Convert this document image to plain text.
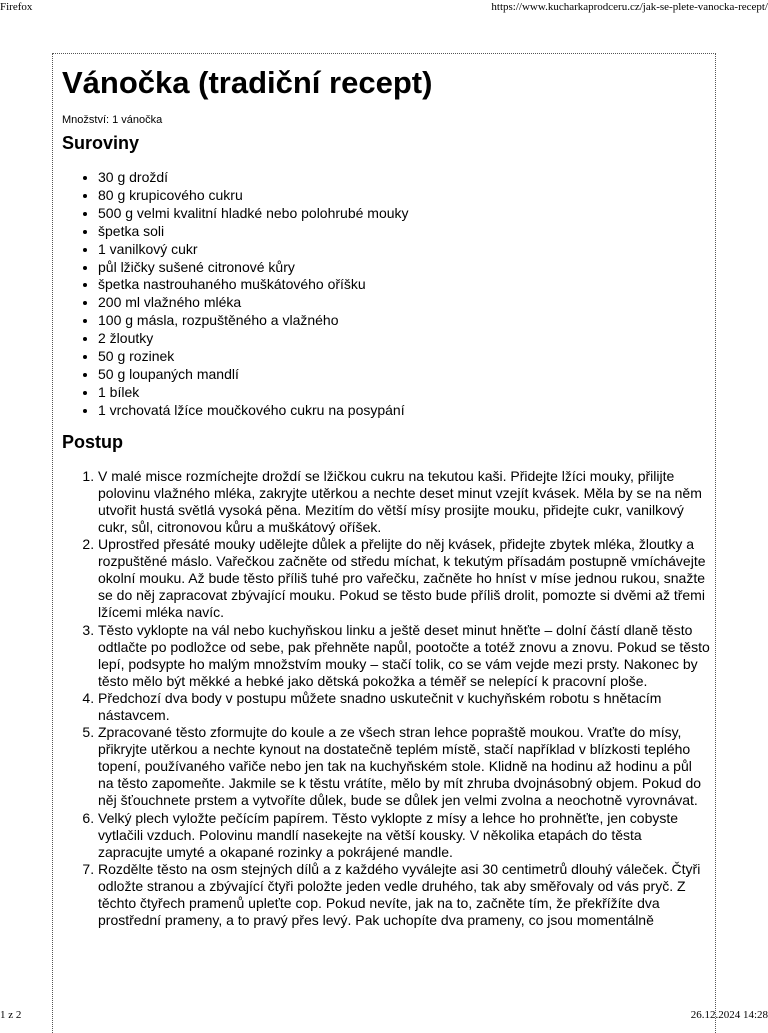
Firefox	https://www.kucharkaprodceru.cz/jak-se-plete-vanocka-recept/
Vánočka (tradiční recept)

Množství: 1 vánočka

Suroviny
• 30 g droždí
• 80 g krupicového cukru
• 500 g velmi kvalitní hladké nebo polohrubé mouky
• špetka soli
• 1 vanilkový cukr
• půl lžičky sušené citronové kůry
• špetka nastrouhaného muškátového oříšku
• 200 ml vlažného mléka
• 100 g másla, rozpuštěného a vlažného
• 2 žloutky
• 50 g rozinek
• 50 g loupaných mandlí
• 1 bílek
• 1 vrchovatá lžíce moučkového cukru na posypání
Postup
1. V malé misce rozmíchejte droždí se lžičkou cukru na tekutou kaši. Přidejte lžíci mouky, přilijte polovinu vlažného mléka, zakryjte utěrkou a nechte deset minut vzejít kvásek. Měla by se na něm utvořit hustá světlá vysoká pěna. Mezitím do větší mísy prosijte mouku, přidejte cukr, vanilkový cukr, sůl, citronovou kůru a muškátový oříšek.
2. Uprostřed přesáté mouky udělejte důlek a přelijte do něj kvásek, přidejte zbytek mléka, žloutky a rozpuštěné máslo. Vařečkou začněte od středu míchat, k tekutým přísadám postupně vmíchávejte okolní mouku. Až bude těsto příliš tuhé pro vařečku, začněte ho hníst v míse jednou rukou, snažte se do něj zapracovat zbývající mouku. Pokud se těsto bude příliš drolit, pomozte si dvěmi až třemi lžícemi mléka navíc.
3. Těsto vyklopte na vál nebo kuchyňskou linku a ještě deset minut hněťte – dolní částí dlaně těsto odtlačte po podložce od sebe, pak přehněte napůl, pootočte a totéž znovu a znovu. Pokud se těsto lepí, podsypte ho malým množstvím mouky – stačí tolik, co se vám vejde mezi prsty. Nakonec by těsto mělo být měkké a hebké jako dětská pokožka a téměř se nelepící k pracovní ploše.
4. Předchozí dva body v postupu můžete snadno uskutečnit v kuchyňském robotu s hnětacím nástavcem.
5. Zpracované těsto zformujte do koule a ze všech stran lehce popraště moukou. Vraťte do mísy, přikryjte utěrkou a nechte kynout na dostatečně teplém místě, stačí například v blízkosti teplého topení, používaného vařiče nebo jen tak na kuchyňském stole. Klidně na hodinu až hodinu a půl na těsto zapomeňte. Jakmile se k těstu vrátíte, mělo by mít zhruba dvojnásobný objem. Pokud do něj šťouchnete prstem a vytvoříte důlek, bude se důlek jen velmi zvolna a neochotně vyrovnávat.
6. Velký plech vyložte pečícím papírem. Těsto vyklopte z mísy a lehce ho prohněťte, jen cobyste vytlačili vzduch. Polovinu mandlí nasekejte na větší kousky. V několika etapách do těsta zapracujte umyté a okapané rozinky a pokrájené mandle.
7. Rozdělte těsto na osm stejných dílů a z každého vyválejte asi 30 centimetrů dlouhý váleček. Čtyři odložte stranou a zbývající čtyři položte jeden vedle druhého, tak aby směřovaly od vás pryč. Z těchto čtyřech pramenů upleťte cop. Pokud nevíte, jak na to, začněte tím, že překřížíte dva prostřední prameny, a to pravý přes levý. Pak uchopíte dva prameny, co jsou momentálně
1 z 2	26.12.2024 14:28
